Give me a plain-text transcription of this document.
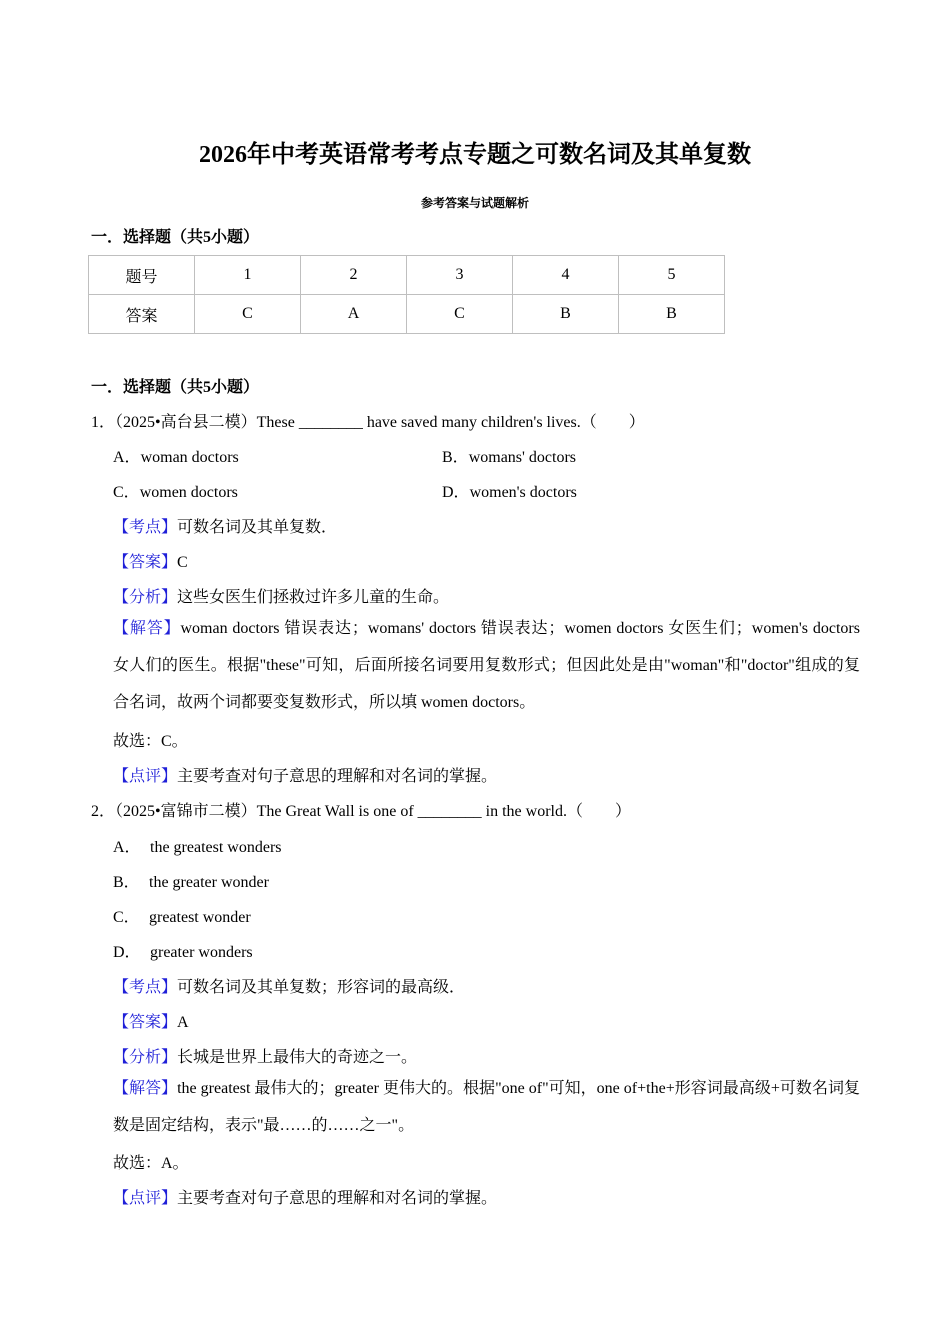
2026年中考英语常考考点专题之可数名词及其单复数
参考答案与试题解析
一．选择题（共5小题）
题号	1	2	3	4	5
答案	C	A	C	B	B
一．选择题（共5小题）
1．（2025•高台县二模）These ________ have saved many children's lives.（　　）
A．woman doctors	B．womans' doctors
C．women doctors	D．women's doctors
【考点】可数名词及其单复数．
【答案】C
【分析】这些女医生们拯救过许多儿童的生命。
【解答】woman doctors 错误表达；womans' doctors 错误表达；women doctors 女医生们；women's doctors 女人们的医生。根据"these"可知，后面所接名词要用复数形式；但因此处是由"woman"和"doctor"组成的复合名词，故两个词都要变复数形式，所以填 women doctors。
故选：C。
【点评】主要考查对句子意思的理解和对名词的掌握。
2．（2025•富锦市二模）The Great Wall is one of ________ in the world.（　　）
A． the greatest wonders
B． the greater wonder
C． greatest wonder
D． greater wonders
【考点】可数名词及其单复数；形容词的最高级．
【答案】A
【分析】长城是世界上最伟大的奇迹之一。
【解答】the greatest 最伟大的；greater 更伟大的。根据"one of"可知，one of+the+形容词最高级+可数名词复数是固定结构，表示"最……的……之一"。
故选：A。
【点评】主要考查对句子意思的理解和对名词的掌握。
